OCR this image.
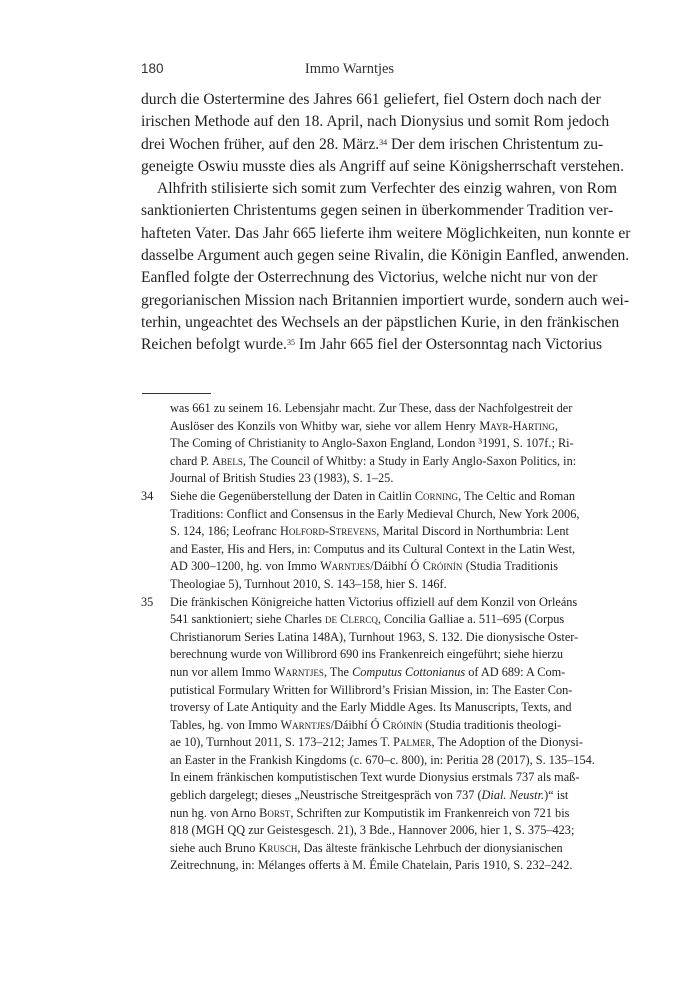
180	Immo Warntjes
durch die Ostertermine des Jahres 661 geliefert, fiel Ostern doch nach der
irischen Methode auf den 18. April, nach Dionysius und somit Rom jedoch
drei Wochen früher, auf den 28. März.$^{34}$ Der dem irischen Christentum zu-
geneigte Oswiu musste dies als Angriff auf seine Königsherrschaft verstehen.
Alhfrith stilisierte sich somit zum Verfechter des einzig wahren, von Rom
sanktionierten Christentums gegen seinen in überkommender Tradition ver-
hafteten Vater. Das Jahr 665 lieferte ihm weitere Möglichkeiten, nun konnte er
dasselbe Argument auch gegen seine Rivalin, die Königin Eanfled, anwenden.
Eanfled folgte der Osterrechnung des Victorius, welche nicht nur von der
gregorianischen Mission nach Britannien importiert wurde, sondern auch wei-
terhin, ungeachtet des Wechsels an der päpstlichen Kurie, in den fränkischen
Reichen befolgt wurde.$^{35}$ Im Jahr 665 fiel der Ostersonntag nach Victorius
was 661 zu seinem 16. Lebensjahr macht. Zur These, dass der Nachfolgestreit der
Auslöser des Konzils von Whitby war, siehe vor allem Henry Mayr-Harting,
The Coming of Christianity to Anglo-Saxon England, London ³1991, S. 107f.; Ri-
chard P. Abels, The Council of Whitby: a Study in Early Anglo-Saxon Politics, in:
Journal of British Studies 23 (1983), S. 1–25.
34 Siehe die Gegenüberstellung der Daten in Caitlin Corning, The Celtic and Roman
Traditions: Conflict and Consensus in the Early Medieval Church, New York 2006,
S. 124, 186; Leofranc Holford-Strevens, Marital Discord in Northumbria: Lent
and Easter, His and Hers, in: Computus and its Cultural Context in the Latin West,
AD 300–1200, hg. von Immo Warntjes/Dáibhí Ó Cróinín (Studia Traditionis
Theologiae 5), Turnhout 2010, S. 143–158, hier S. 146f.
35 Die fränkischen Königreiche hatten Victorius offiziell auf dem Konzil von Orleáns
541 sanktioniert; siehe Charles de Clercq, Concilia Galliae a. 511–695 (Corpus
Christianorum Series Latina 148A), Turnhout 1963, S. 132. Die dionysische Oster-
berechnung wurde von Willibrord 690 ins Frankenreich eingeführt; siehe hierzu
nun vor allem Immo Warntjes, The Computus Cottonianus of AD 689: A Com-
putistical Formulary Written for Willibrord’s Frisian Mission, in: The Easter Con-
troversy of Late Antiquity and the Early Middle Ages. Its Manuscripts, Texts, and
Tables, hg. von Immo Warntjes/Dáibhí Ó Cróinín (Studia traditionis theologi-
ae 10), Turnhout 2011, S. 173–212; James T. Palmer, The Adoption of the Dionysi-
an Easter in the Frankish Kingdoms (c. 670–c. 800), in: Peritia 28 (2017), S. 135–154.
In einem fränkischen komputistischen Text wurde Dionysius erstmals 737 als maß-
geblich dargelegt; dieses „Neustrische Streitgespräch von 737 (Dial. Neustr.)“ ist
nun hg. von Arno Borst, Schriften zur Komputistik im Frankenreich von 721 bis
818 (MGH QQ zur Geistesgesch. 21), 3 Bde., Hannover 2006, hier 1, S. 375–423;
siehe auch Bruno Krusch, Das älteste fränkische Lehrbuch der dionysianischen
Zeitrechnung, in: Mélanges offerts à M. Émile Chatelain, Paris 1910, S. 232–242.
